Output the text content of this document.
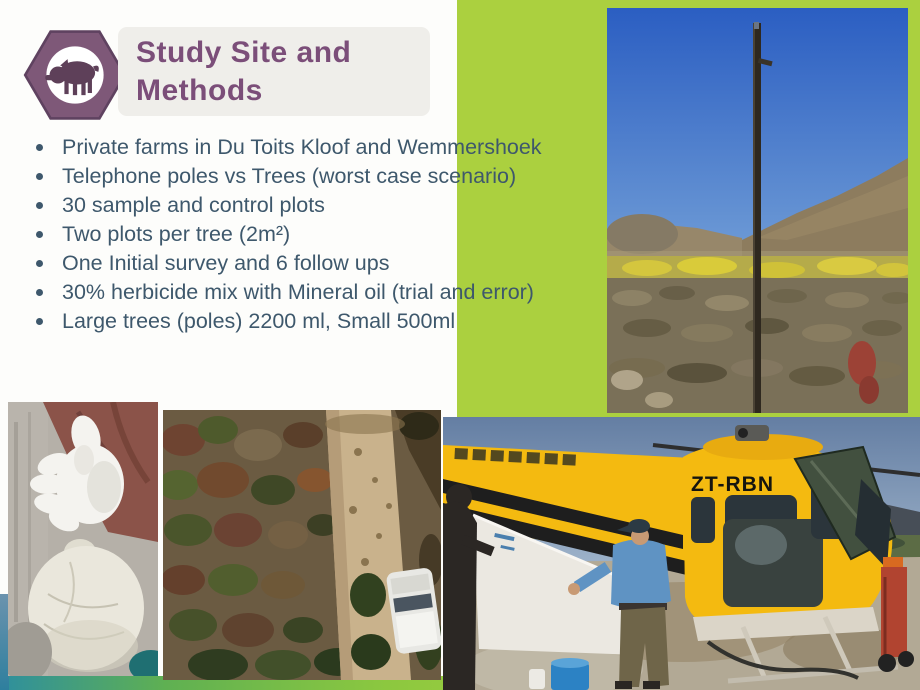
Study Site and
Methods
Private farms in Du Toits Kloof and Wemmershoek
Telephone poles vs Trees (worst case scenario)
30 sample and control plots
Two plots per tree (2m²)
One Initial survey and 6 follow ups
30% herbicide mix with Mineral oil (trial and error)
Large trees (poles) 2200 ml, Small 500ml
ZT-RBN
